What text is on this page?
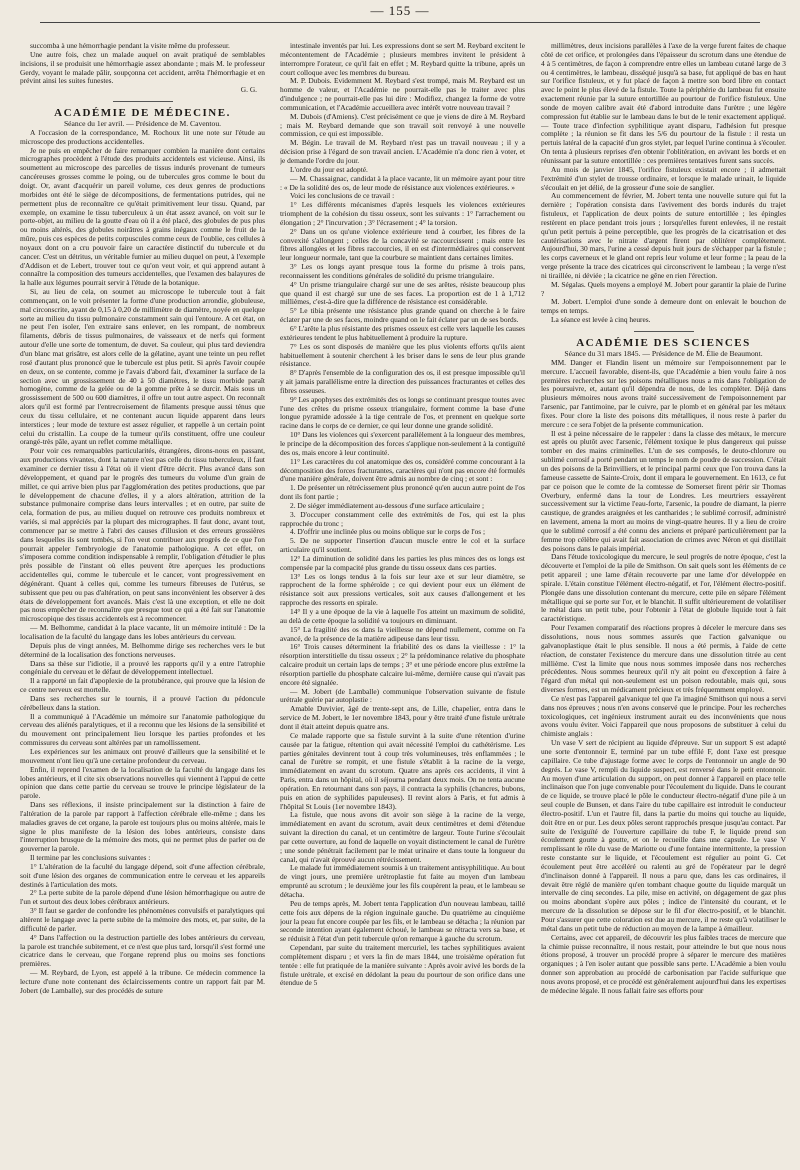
— 155 —

succomba à une hémorrhagie pendant la visite même du professeur.

Une autre fois, chez un malade auquel on avait pratiqué de semblables incisions, il se produisit une hémorrhagie assez abondante ; mais M. le professeur Gerdy, voyant le malade pâlir, soupçonna cet accident, arrêta l'hémorrhagie et en prévint ainsi les suites funestes.

G. G.

ACADÉMIE DE MÉDECINE.

Séance du 1er avril. — Présidence de M. Caventou.

A l'occasion de la correspondance, M. Rochoux lit une note sur l'étude au microscope des productions accidentelles.

Je ne puis en empêcher de faire remarquer combien la manière dont certains micrographes procèdent à l'étude des produits accidentels est vicieuse. Ainsi, ils soumettent au microscope des parcelles de tissus indurés provenant de tumeurs cancéreuses grosses comme le poing, ou de tubercules gros comme le bout du doigt. Or, avant d'acquérir un pareil volume, ces deux genres de productions morbides ont été le siège de décompositions, de fermentations putrides, qui ne permettent plus de reconnaître ce qu'était primitivement leur tissu. Quand, par exemple, on examine le tissu tuberculeux à un état assez avancé, on voit sur le porte-objet, au milieu de la goutte d'eau où il a été placé, des globules de pus plus ou moins altérés, des globules noirâtres à grains inégaux comme le fruit de la mûre, puis ces espèces de petits corpuscules comme ceux de l'oublie, ces cellules à noyaux dont on a cru pouvoir faire un caractère distinctif du tubercule et du cancer. C'est un détritus, un véritable fumier au milieu duquel on peut, à l'exemple d'Addison et de Lebert, trouver tout ce qu'on veut voir, et qui apprend autant à connaître la composition des tumeurs accidentelles, que l'examen des balayures de la halle aux légumes pourrait servir à l'étude de la botanique.

Si, au lieu de cela, on soumet au microscope le tubercule tout à fait commençant, on le voit présenter la forme d'une production arrondie, globuleuse, mal circonscrite, ayant de 0,15 à 0,20 de millimètre de diamètre, noyée en quelque sorte au milieu du tissu pulmonaire constamment sain qui l'entoure. A cet état, on ne peut l'en isoler, l'en extraire sans enlever, en les rompant, de nombreux filaments, débris de tissus pulmonaires, de vaisseaux et de nerfs qui forment autour d'elle une sorte de tomentum, de duvet. Sa couleur, qui plus tard deviendra d'un blanc mat grisâtre, est alors celle de la gélatine, ayant une teinte un peu reflet rosé d'autant plus prononcé que le tubercule est plus petit. Si après l'avoir coupée en deux, on se contente, comme je l'avais d'abord fait, d'examiner la surface de la section avec un grossissement de 40 à 50 diamètres, le tissu morbide paraît homogène, comme de la gelée ou de la gomme prête à se durcir. Mais sous un grossissement de 500 ou 600 diamètres, il offre un tout autre aspect. On reconnaît alors qu'il est formé par l'entrecroisement de filaments presque aussi ténus que ceux du tissu cellulaire, et ne contenant aucun liquide apparent dans leurs interstices ; leur mode de texture est assez régulier, et rappelle à un certain point celui du cristallin. La coupe de la tumeur qu'ils constituent, offre une couleur orangé-très pâle, ayant un reflet comme métallique.

Pour voir ces remarquables particularités, étrangères, dirons-nous en passant, aux productions vivantes, dont la nature n'est pas celle du tissu tuberculeux, il faut examiner ce dernier tissu à l'état où il vient d'être décrit. Plus avancé dans son développement, et quand par le progrès des tumeurs du volume d'un grain de millet, ce qui arrive bien plus par l'agglomération des petites productions, que par le développement de chacune d'elles, il y a alors altération, attrition de la substance pulmonaire comprise dans leurs intervalles ; et en outre, par suite de cela, formation de pus, au milieu duquel on retrouve ces produits nombreux et variés, si mal appréciés par la plupart des micrographes. Il faut donc, avant tout, commencer par se mettre à l'abri des causes d'illusion et des erreurs grossières dans lesquelles ils sont tombés, si l'on veut contribuer aux progrès de ce que l'on pourrait appeler l'embryologie de l'anatomie pathologique. A cet effet, on s'imposera comme condition indispensable à remplir, l'obligation d'étudier le plus près possible de l'instant où elles peuvent être aperçues les productions accidentelles qui, comme le tubercule et le cancer, vont progressivement en dégénérant. Quant à celles qui, comme les tumeurs fibreuses de l'utérus, se subissent que peu ou pas d'altération, on peut sans inconvénient les observer à des états de développement fort avancés. Mais c'est là une exception, et elle ne doit pas nous empêcher de reconnaître que presque tout ce qui a été fait sur l'anatomie microscopique des tissus accidentels est à recommencer.

— M. Belhomme, candidat à la place vacante, lit un mémoire intitulé : De la localisation de la faculté du langage dans les lobes antérieurs du cerveau.

Depuis plus de vingt années, M. Belhomme dirige ses recherches vers le but déterminé de la localisation des fonctions nerveuses.

Dans sa thèse sur l'idiotie, il a prouvé les rapports qu'il y a entre l'atrophie congéniale du cerveau et le défaut de développement intellectuel.

Il a rapporté un fait d'apoplexie de la protubérance, qui prouve que la lésion de ce centre nerveux est mortelle.

Dans ses recherches sur le tournis, il a prouvé l'action du pédoncule cérébelleux dans la station.

Il a communiqué à l'Académie un mémoire sur l'anatomie pathologique du cerveau des aliénés paralytiques, et il a reconnu que les lésions de la sensibilité et du mouvement ont principalement lieu lorsque les parties profondes et les commissures du cerveau sont altérées par un ramollissement.

Les expériences sur les animaux ont prouvé d'ailleurs que la sensibilité et le mouvement n'ont lieu qu'à une certaine profondeur du cerveau.

Enfin, il reprend l'examen de la localisation de la faculté du langage dans les lobes antérieurs, et il cite six observations nouvelles qui viennent à l'appui de cette opinion que dans cette partie du cerveau se trouve le principe législateur de la parole.

Dans ses réflexions, il insiste principalement sur la distinction à faire de l'altération de la parole par rapport à l'affection cérébrale elle-même ; dans les maladies graves de cet organe, la parole est toujours plus ou moins altérée, mais le signe le plus manifeste de la lésion des lobes antérieurs, consiste dans l'interruption brusque de la mémoire des mots, qui ne permet plus de parler ou de gouverner la parole.

Il termine par les conclusions suivantes :

1° L'altération de la faculté du langage dépend, soit d'une affection cérébrale, soit d'une lésion des organes de communication entre le cerveau et les appareils destinés à l'articulation des mots.

2° La perte subite de la parole dépend d'une lésion hémorrhagique ou autre de l'un et surtout des deux lobes cérébraux antérieurs.

3° Il faut se garder de confondre les phénomènes convulsifs et paralytiques qui altèrent le langage avec la perte subite de la mémoire des mots, et, par suite, de la difficulté de parler.

4° Dans l'affection ou la destruction partielle des lobes antérieurs du cerveau, la parole est tranchée subitement, et ce n'est que plus tard, lorsqu'il s'est formé une cicatrice dans le cerveau, que l'organe reprend plus ou moins ses fonctions premières.

— M. Reybard, de Lyon, est appelé à la tribune. Ce médecin commence la lecture d'une note contenant des éclaircissements contre un rapport fait par M. Jobert (de Lamballe), sur des procédés de suture

intestinale inventés par lui. Les expressions dont se sert M. Reybard excitent le mécontentement de l'Académie ; plusieurs membres invitent le président à interrompre l'orateur, ce qu'il fait en effet ; M. Reybard quitte la tribune, après un court colloque avec les membres du bureau.

M. P. Dubois. Evidemment M. Reybard s'est trompé, mais M. Reybard est un homme de valeur, et l'Académie ne pourrait-elle pas le traiter avec plus d'indulgence ; ne pourrait-elle pas lui dire : Modifiez, changez la forme de votre communication, et l'Académie accueillera avec intérêt votre nouveau travail ?

M. Dubois (d'Amiens). C'est précisément ce que je viens de dire à M. Reybard ; mais M. Reybard demande que son travail soit renvoyé à une nouvelle commission, ce qui est impossible.

M. Bégin. Le travail de M. Reybard n'est pas un travail nouveau ; il y a décision prise à l'égard de son travail ancien. L'Académie n'a donc rien à voter, et je demande l'ordre du jour.

L'ordre du jour est adopté.

— M. Chassaignac, candidat à la place vacante, lit un mémoire ayant pour titre : « De la solidité des os, de leur mode de résistance aux violences extérieures. »

Voici les conclusions de ce travail :

1° Les différents mécanismes d'après lesquels les violences extérieures triomphent de la cohésion du tissu osseux, sont les suivants : 1° l'arrachement ou élongation ; 2° l'incurvation ; 3° l'écrasement ; 4° la torsion.

2° Dans un os qu'une violence extérieure tend à courber, les fibres de la convexité s'allongent ; celles de la concavité se raccourcissent ; mais entre les fibres allongées et les fibres raccourcies, il en est d'intermédiaires qui conservent leur longueur normale, tant que la courbure se maintient dans certaines limites.

3° Les os longs ayant presque tous la forme du prisme à trois pans, reconnaissent les conditions générales de solidité du prisme triangulaire.

4° Un prisme triangulaire chargé sur une de ses arêtes, résiste beaucoup plus que quand il est chargé sur une de ses faces. La proportion est de 1 à 1,712 millièmes, c'est-à-dire que la différence de résistance est considérable.

5° Le tibia présente une résistance plus grande quand on cherche à le faire éclater par une de ses faces, moindre quand on le fait éclater par un de ses bords.

6° L'arête la plus résistante des prismes osseux est celle vers laquelle les causes extérieures tendent le plus habituellement à produire la rupture.

7° Les os sont disposés de manière que les plus violents efforts qu'ils aient habituellement à soutenir cherchent à les briser dans le sens de leur plus grande résistance.

8° D'après l'ensemble de la configuration des os, il est presque impossible qu'il y ait jamais parallélisme entre la direction des puissances fracturantes et celles des fibres osseuses.

9° Les apophyses des extrémités des os longs se continuant presque toutes avec l'une des crêtes du prisme osseux triangulaire, forment comme la base d'une longue pyramide adossée à la tige centrale de l'os, et prennent en quelque sorte racine dans le corps de ce dernier, ce qui leur donne une grande solidité.

10° Dans les violences qui s'exercent parallèlement à la longueur des membres, le principe de la décomposition des forces s'applique non-seulement à la contiguïté des os, mais encore à leur continuité.

11° Les caractères du col anatomique des os, considéré comme concourant à la décomposition des forces fracturantes, caractères qui n'ont pas encore été formulés d'une manière générale, doivent être admis au nombre de cinq ; et sont :

1. De présenter un rétrécissement plus prononcé qu'en aucun autre point de l'os dont ils font partie ;

2. De siéger immédiatement au-dessous d'une surface articulaire ;

3. D'occuper constamment celle des extrémités de l'os, qui est la plus rapprochée du tronc ;

4. D'offrir une inclinée plus ou moins oblique sur le corps de l'os ;

5. De ne supporter l'insertion d'aucun muscle entre le col et la surface articulaire qu'il soutient.

12° La diminution de solidité dans les parties les plus minces des os longs est compensée par la compacité plus grande du tissu osseux dans ces parties.

13° Les os longs tendus à la fois sur leur axe et sur leur diamètre, se rapprochent de la forme sphéroïde ; ce qui devient pour eux un élément de résistance soit aux pressions verticales, soit aux causes d'allongement et les rapproche des ressorts en spirale.

14° Il y a une époque de la vie à laquelle l'os atteint un maximum de solidité, au delà de cette époque la solidité va toujours en diminuant.

15° La fragilité des os dans la vieillesse ne dépend nullement, comme on l'a avancé, de la présence de la matière adipeuse dans leur tissu.

16° Trois causes déterminent la friabilité des os dans la vieillesse : 1° la résorption interstitielle du tissu osseux ; 2° la prédominance relative du phosphate calcaire produit un certain laps de temps ; 3° et une période encore plus extrême la résorption partielle du phosphate calcaire lui-même, dernière cause qui n'avait pas encore été signalée.

— M. Jobert (de Lamballe) communique l'observation suivante de fistule urétrale guérie par autoplastie :

Amable Duvivier, âgé de trente-sept ans, de Lille, chapelier, entra dans le service de M. Jobert, le 1er novembre 1843, pour y être traité d'une fistule urétrale dont il était atteint depuis quatre ans.

Ce malade rapporte que sa fistule survint à la suite d'une rétention d'urine causée par la fatigue, rétention qui avait nécessité l'emploi du cathétérisme. Les parties génitales devinrent tout à coup très volumineuses, très enflammées ; le canal de l'urètre se rompit, et une fistule s'établit à la racine de la verge, immédiatement en avant du scrotum. Quatre ans après ces accidents, il vint à Paris, entra dans un hôpital, où il séjourna pendant deux mois. On ne tenta aucune opération. En retournant dans son pays, il contracta la syphilis (chancres, bubons, puis en ation de syphilides papuleuses). Il revint alors à Paris, et fut admis à l'hôpital St Louis (1er novembre 1843).

La fistule, que nous avons dit avoir son siège à la racine de la verge, immédiatement en avant du scrotum, avait deux centimètres et demi d'étendue suivant la direction du canal, et un centimètre de largeur. Toute l'urine s'écoulait par cette ouverture, au fond de laquelle on voyait distinctement le canal de l'urètre ; une sonde pénétrait facilement par le méat urinaire et dans toute la longueur du canal, qui n'avait éprouvé aucun rétrécissement.

Le malade fut immédiatement soumis à un traitement antisyphilitique. Au bout de vingt jours, une première urétroplastie fut faite au moyen d'un lambeau emprunté au scrotum ; le deuxième jour les fils coupèrent la peau, et le lambeau se détacha.

Peu de temps après, M. Jobert tenta l'application d'un nouveau lambeau, taillé cette fois aux dépens de la région inguinale gauche. Du quatrième au cinquième jour la peau fut encore coupée par les fils, et le lambeau se détacha ; la réunion par seconde intention ayant également échoué, le lambeau se rétracta vers sa base, et se réduisit à l'état d'un petit tubercule qu'on remarque à gauche du scrotum.

Cependant, par suite du traitement mercuriel, les taches syphilitiques avaient complètement disparu ; et vers la fin de mars 1844, une troisième opération fut tentée : elle fut pratiquée de la manière suivante : Après avoir avivé les bords de la fistule urétrale, et excisé en dédolant la peau du pourtour de son orifice dans une étendue de 5

millimètres, deux incisions parallèles à l'axe de la verge furent faites de chaque côté de cet orifice, et prolongées dans l'épaisseur du scrotum dans une étendue de 4 à 5 centimètres, de façon à comprendre entre elles un lambeau cutané large de 3 ou 4 centimètres, le lambeau, disséqué jusqu'à sa base, fut appliqué de bas en haut sur l'orifice fistuleux, et y fut placé de façon à mettre son bord libre en contact avec le point le plus élevé de la fistule. Toute la périphérie du lambeau fut ensuite exactement réunie par la suture entortillée au pourtour de l'orifice fistuleux. Une sonde de moyen calibre avait été d'abord introduite dans l'urètre ; une légère compression fut établie sur le lambeau dans le but de le tenir exactement appliqué. — Toute trace d'infection syphilitique ayant disparu, l'adhésion fut presque complète ; la réunion se fit dans les 5/6 du pourtour de la fistule : il resta un pertuis latéral de la capacité d'un gros stylet, par lequel l'urine continua à s'écouler. On tenta à plusieurs reprises d'en obtenir l'oblitération, en avivant les bords et en réunissant par la suture entortillée : ces premières tentatives furent sans succès.

Au mois de janvier 1845, l'orifice fistuleux existait encore ; il admettait l'extrémité d'un stylet de trousse ordinaire, et lorsque le malade urinait, le liquide s'écoulait en jet délié, de la grosseur d'une soie de sanglier.

Au commencement de février, M. Jobert tenta une nouvelle suture qui fut la dernière ; l'opération consista dans l'avivement des bords indurés du trajet fistuleux, et l'application de deux points de suture entortillée ; les épingles restèrent en place pendant trois jours ; lorsqu'elles furent enlevées, il ne restait qu'un petit pertuis à peine perceptible, que les progrès de la cicatrisation et des cautérisations avec le nitrate d'argent firent par oblitérer complètement. Aujourd'hui, 30 mars, l'urine a cessé depuis huit jours de s'échapper par la fistule ; les corps caverneux et le gland ont repris leur volume et leur forme ; la peau de la verge présente la trace des cicatrices qui circonscrivent le lambeau ; la verge n'est ni tiraillée, ni déviée ; la cicatrice ne gêne en rien l'érection.

M. Ségalas. Quels moyens a employé M. Jobert pour garantir la plaie de l'urine ?

M. Jobert. L'emploi d'une sonde à demeure dont on enlevait le bouchon de temps en temps.

La séance est levée à cinq heures.

ACADÉMIE DES SCIENCES

Séance du 31 mars 1845. — Présidence de M. Élie de Beaumont.

MM. Danger et Flandin lisent un mémoire sur l'empoisonnement par le mercure. L'accueil favorable, disent-ils, que l'Académie a bien voulu faire à nos premières recherches sur les poisons métalliques nous a mis dans l'obligation de les poursuivre, et, autant qu'il dépendra de nous, de les compléter. Déjà dans plusieurs mémoires nous avons traité successivement de l'empoisonnement par l'arsenic, par l'antimoine, par le cuivre, par le plomb et en général par les métaux fixes. Pour clore la liste des poisons dits métalliques, il nous reste à parler du mercure : ce sera l'objet de la présente communication.

Il est à peine nécessaire de le rappeler : dans la classe des métaux, le mercure est après ou plutôt avec l'arsenic, l'élément toxique le plus dangereux qui puisse tomber en des mains criminelles. L'un de ses composés, le deuto-chlorure ou sublimé corrosif a porté pendant un temps le nom de poudre de succession. C'était un des poisons de la Brinvilliers, et le principal parmi ceux que l'on trouva dans la fameuse cassette de Sainte-Croix, dont il empara le gouvernement. En 1613, ce fut par ce poison que le comte de la comtesse de Somerset firent périr sir Thomas Overbury, enfermé dans la tour de Londres. Les meurtriers essayèrent successivement sur la victime l'eau-forte, l'arsenic, la poudre de diamant, la pierre caustique, de grandes araignées et les cantharides ; le sublimé corrosif, administré en lavement, amena la mort au moins de vingt-quatre heures. Il y a lieu de croire que le sublimé corrosif a été connu des anciens et préparé particulièrement par la femme trop célèbre qui avait fait association de crimes avec Néron et qui distillait des poisons dans le palais impérial.

Dans l'étude toxicologique du mercure, le seul progrès de notre époque, c'est la découverte et l'emploi de la pile de Smithson. On sait quels sont les éléments de ce petit appareil ; une lame d'étain recouverte par une lame d'or développée en spirale. L'étain constitue l'élément électro-négatif, et l'or, l'élément électro-positif. Plongée dans une dissolution contenant du mercure, cette pile en sépare l'élément métallique qui se porte sur l'or, et le blanchit. Il suffit ultérieurement de volatiliser le métal dans un petit tube, pour l'obtenir à l'état de globule liquide tout à fait caractéristique.

Pour l'examen comparatif des réactions propres à déceler le mercure dans ses dissolutions, nous nous sommes assurés que l'action galvanique ou galvanoplastique était le plus sensible. Il nous a été permis, à l'aide de cette réaction, de constater l'existence du mercure dans une dissolution titrée au cent millième. C'est la limite que nous nous sommes imposée dans nos recherches précédentes. Nous sommes heureux qu'il n'y ait point eu d'exception à faire à l'égard d'un métal qui non-seulement est un poison redoutable, mais qui, sous diverses formes, est un médicament précieux et très fréquemment employé.

Ce n'est pas l'appareil galvanique tel que l'a imaginé Smithson qui nous a servi dans nos épreuves ; nous n'en avons conservé que le principe. Pour les recherches toxicologiques, cet ingénieux instrument aurait eu des inconvénients que nous avons voulu éviter. Voici l'appareil que nous proposons de substituer à celui du chimiste anglais :

Un vase V sert de récipient au liquide d'épreuve. Sur un support S est adapté une sorte d'entonnoir E, terminé par un tube effilé F, dont l'axe est presque capillaire. Ce tube d'ajustage forme avec le corps de l'entonnoir un angle de 90 degrés. Le vase V, rempli du liquide suspect, est renversé dans le petit entonnoir. Au moyen d'une articulation du support, on peut donner à l'appareil en place telle inclinaison que l'on juge convenable pour l'écoulement du liquide. Dans le courant de ce liquide, se trouve placé le pôle le conducteur électro-négatif d'une pile à un seul couple de Bunsen, et dans l'aire du tube capillaire est introduit le conducteur électro-positif. L'un et l'autre fil, dans la partie du moins qui touche au liquide, doit être en or pur. Les deux pôles seront rapprochés presque jusqu'au contact. Par suite de l'exiguïté de l'ouverture capillaire du tube F, le liquide prend son écoulement goutte à goutte, et on le recueille dans une capsule. Le vase V remplissant le rôle du vase de Mariotte ou d'une fontaine intermittente, la pression reste constante sur le liquide, et l'écoulement est régulier au point G. Cet écoulement peut être accéléré ou ralenti au gré de l'opérateur par le degré d'inclinaison donné à l'appareil. Il nous a paru que, dans les cas ordinaires, il devait être réglé de manière qu'en tombant chaque goutte du liquide marquât un intervalle de cinq secondes. La pile, mise en activité, on dégagement de gaz plus ou moins abondant s'opère aux pôles ; indice de l'intensité du courant, et le mercure de la dissolution se dépose sur le fil d'or électro-positif, et le blanchit. Pour s'assurer que cette coloration est due au mercure, il ne reste qu'à volatiliser le métal dans un petit tube de réduction au moyen de la lampe à émailleur.

Certains, avec cet appareil, de découvrir les plus faibles traces de mercure que la chimie puisse reconnaître, il nous restait, pour atteindre le but que nous nous étions proposé, à trouver un procédé propre à séparer le mercure des matières organiques ; à l'en isoler autant que possible sans perte. L'Académie a bien voulu donner son approbation au procédé de carbonisation par l'acide sulfurique que nous avons proposé, et ce procédé est généralement aujourd'hui dans les expertises de médecine légale. Il nous fallait faire ses efforts pour
